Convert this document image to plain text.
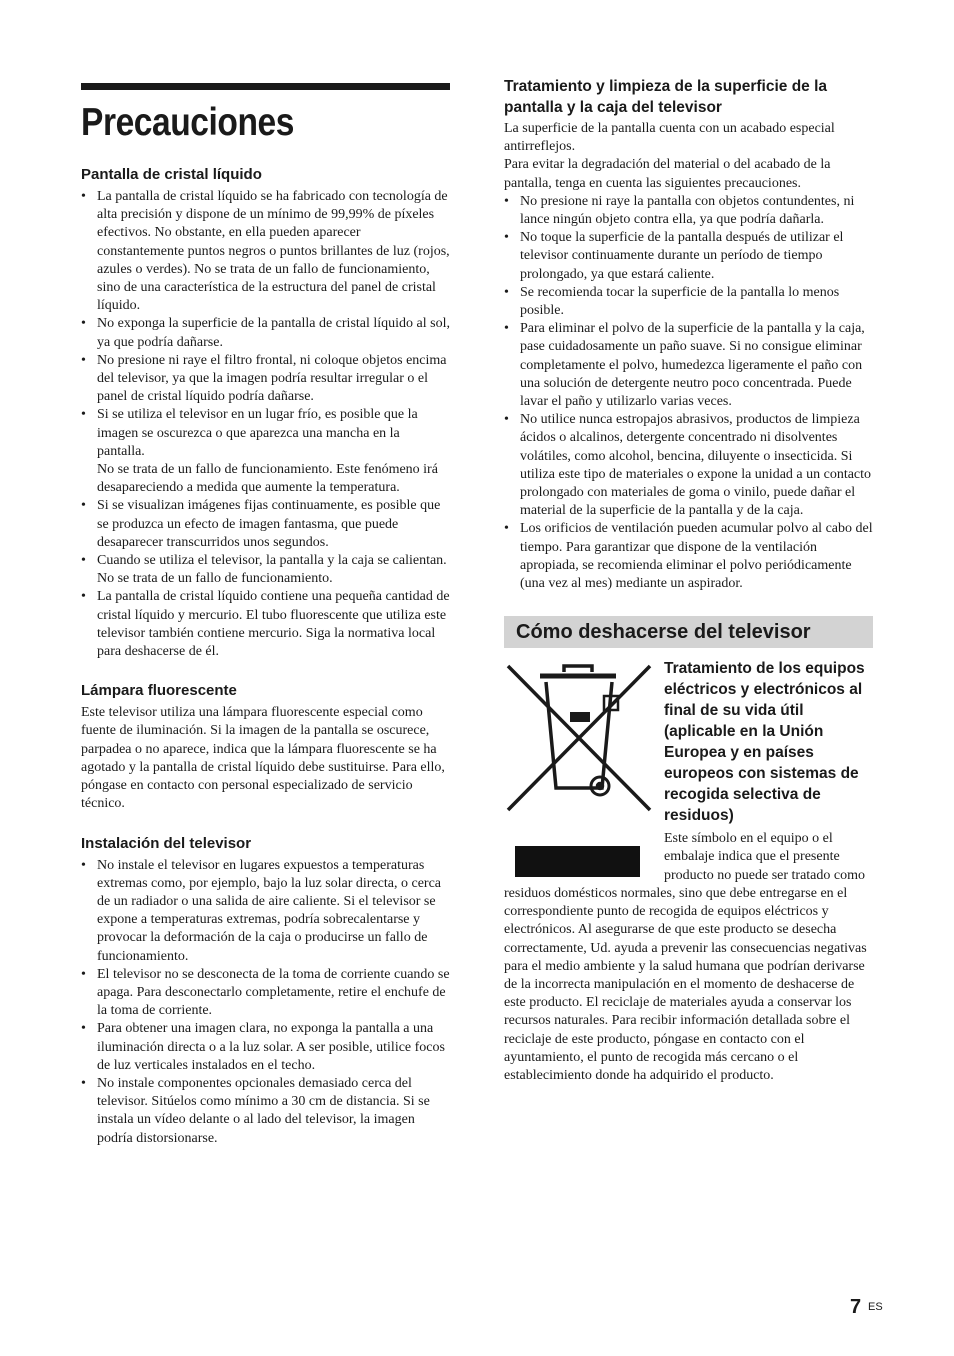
Precauciones
Pantalla de cristal líquido
• La pantalla de cristal líquido se ha fabricado con tecnología de alta precisión y dispone de un mínimo de 99,99% de píxeles efectivos. No obstante, en ella pueden aparecer constantemente puntos negros o puntos brillantes de luz (rojos, azules o verdes). No se trata de un fallo de funcionamiento, sino de una característica de la estructura del panel de cristal líquido.
• No exponga la superficie de la pantalla de cristal líquido al sol, ya que podría dañarse.
• No presione ni raye el filtro frontal, ni coloque objetos encima del televisor, ya que la imagen podría resultar irregular o el panel de cristal líquido podría dañarse.
• Si se utiliza el televisor en un lugar frío, es posible que la imagen se oscurezca o que aparezca una mancha en la pantalla.
No se trata de un fallo de funcionamiento. Este fenómeno irá desapareciendo a medida que aumente la temperatura.
• Si se visualizan imágenes fijas continuamente, es posible que se produzca un efecto de imagen fantasma, que puede desaparecer transcurridos unos segundos.
• Cuando se utiliza el televisor, la pantalla y la caja se calientan. No se trata de un fallo de funcionamiento.
• La pantalla de cristal líquido contiene una pequeña cantidad de cristal líquido y mercurio. El tubo fluorescente que utiliza este televisor también contiene mercurio. Siga la normativa local para deshacerse de él.
Lámpara fluorescente

Este televisor utiliza una lámpara fluorescente especial como fuente de iluminación. Si la imagen de la pantalla se oscurece, parpadea o no aparece, indica que la lámpara fluorescente se ha agotado y la pantalla de cristal líquido debe sustituirse. Para ello, póngase en contacto con personal especializado de servicio técnico.

Instalación del televisor
• No instale el televisor en lugares expuestos a temperaturas extremas como, por ejemplo, bajo la luz solar directa, o cerca de un radiador o una salida de aire caliente. Si el televisor se expone a temperaturas extremas, podría sobrecalentarse y provocar la deformación de la caja o producirse un fallo de funcionamiento.
• El televisor no se desconecta de la toma de corriente cuando se apaga. Para desconectarlo completamente, retire el enchufe de la toma de corriente.
• Para obtener una imagen clara, no exponga la pantalla a una iluminación directa o a la luz solar. A ser posible, utilice focos de luz verticales instalados en el techo.
• No instale componentes opcionales demasiado cerca del televisor. Sitúelos como mínimo a 30 cm de distancia. Si se instala un vídeo delante o al lado del televisor, la imagen podría distorsionarse.
Tratamiento y limpieza de la superficie de la pantalla y la caja del televisor

La superficie de la pantalla cuenta con un acabado especial antirreflejos.

Para evitar la degradación del material o del acabado de la pantalla, tenga en cuenta las siguientes precauciones.

• No presione ni raye la pantalla con objetos contundentes, ni lance ningún objeto contra ella, ya que podría dañarla.
• No toque la superficie de la pantalla después de utilizar el televisor continuamente durante un período de tiempo prolongado, ya que estará caliente.
• Se recomienda tocar la superficie de la pantalla lo menos posible.
• Para eliminar el polvo de la superficie de la pantalla y la caja, pase cuidadosamente un paño suave. Si no consigue eliminar completamente el polvo, humedezca ligeramente el paño con una solución de detergente neutro poco concentrada. Puede lavar el paño y utilizarlo varias veces.
• No utilice nunca estropajos abrasivos, productos de limpieza ácidos o alcalinos, detergente concentrado ni disolventes volátiles, como alcohol, bencina, diluyente o insecticida. Si utiliza este tipo de materiales o expone la unidad a un contacto prolongado con materiales de goma o vinilo, puede dañar el material de la superficie de la pantalla y de la caja.
• Los orificios de ventilación pueden acumular polvo al cabo del tiempo. Para garantizar que dispone de la ventilación apropiada, se recomienda eliminar el polvo periódicamente (una vez al mes) mediante un aspirador.
Cómo deshacerse del televisor
Tratamiento de los equipos eléctricos y electrónicos al final de su vida útil (aplicable en la Unión Europea y en países europeos con sistemas de recogida selectiva de residuos)

Este símbolo en el equipo o el embalaje indica que el presente producto no puede ser tratado como residuos domésticos normales, sino que debe entregarse en el correspondiente punto de recogida de equipos eléctricos y electrónicos. Al asegurarse de que este producto se desecha correctamente, Ud. ayuda a prevenir las consecuencias negativas para el medio ambiente y la salud humana que podrían derivarse de la incorrecta manipulación en el momento de deshacerse de este producto. El reciclaje de materiales ayuda a conservar los recursos naturales. Para recibir información detallada sobre el reciclaje de este producto, póngase en contacto con el ayuntamiento, el punto de recogida más cercano o el establecimiento donde ha adquirido el producto.

7 ES
